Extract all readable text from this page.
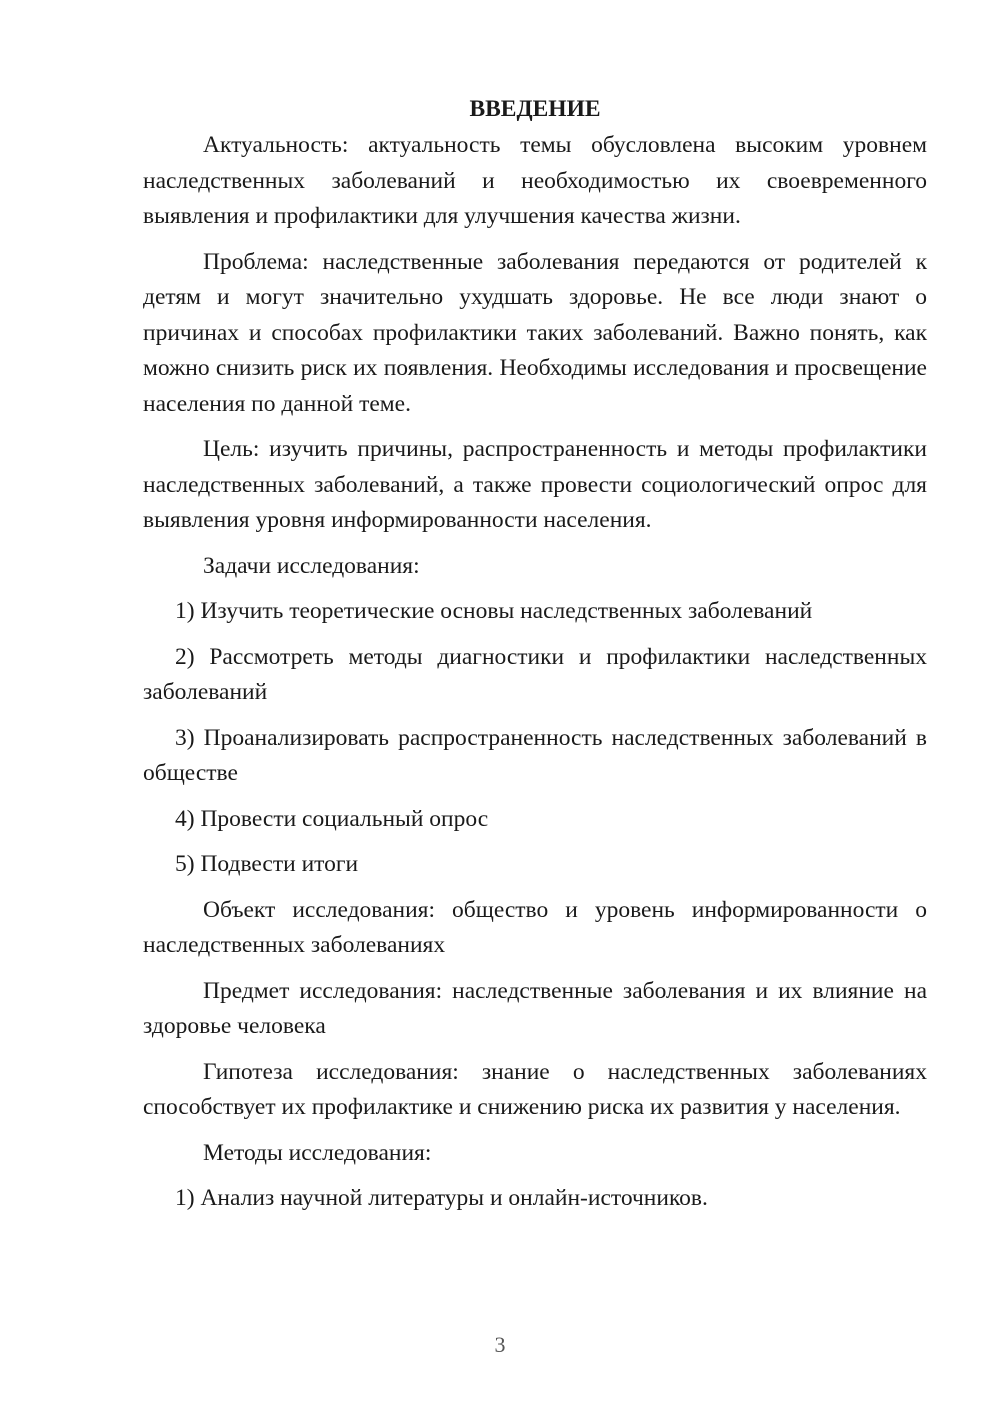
ВВЕДЕНИЕ

Актуальность: актуальность темы обусловлена высоким уровнем наследственных заболеваний и необходимостью их своевременного выявления и профилактики для улучшения качества жизни.

Проблема: наследственные заболевания передаются от родителей к детям и могут значительно ухудшать здоровье. Не все люди знают о причинах и способах профилактики таких заболеваний. Важно понять, как можно снизить риск их появления. Необходимы исследования и просвещение населения по данной теме.

Цель: изучить причины, распространенность и методы профилактики наследственных заболеваний, а также провести социологический опрос для выявления уровня информированности населения.

Задачи исследования:

1) Изучить теоретические основы наследственных заболеваний

2) Рассмотреть методы диагностики и профилактики наследственных заболеваний

3) Проанализировать распространенность наследственных заболеваний в обществе

4) Провести социальный опрос

5) Подвести итоги

Объект исследования: общество и уровень информированности о наследственных заболеваниях

Предмет исследования: наследственные заболевания и их влияние на здоровье человека

Гипотеза исследования: знание о наследственных заболеваниях способствует их профилактике и снижению риска их развития у населения.

Методы исследования:

1) Анализ научной литературы и онлайн-источников.

3
